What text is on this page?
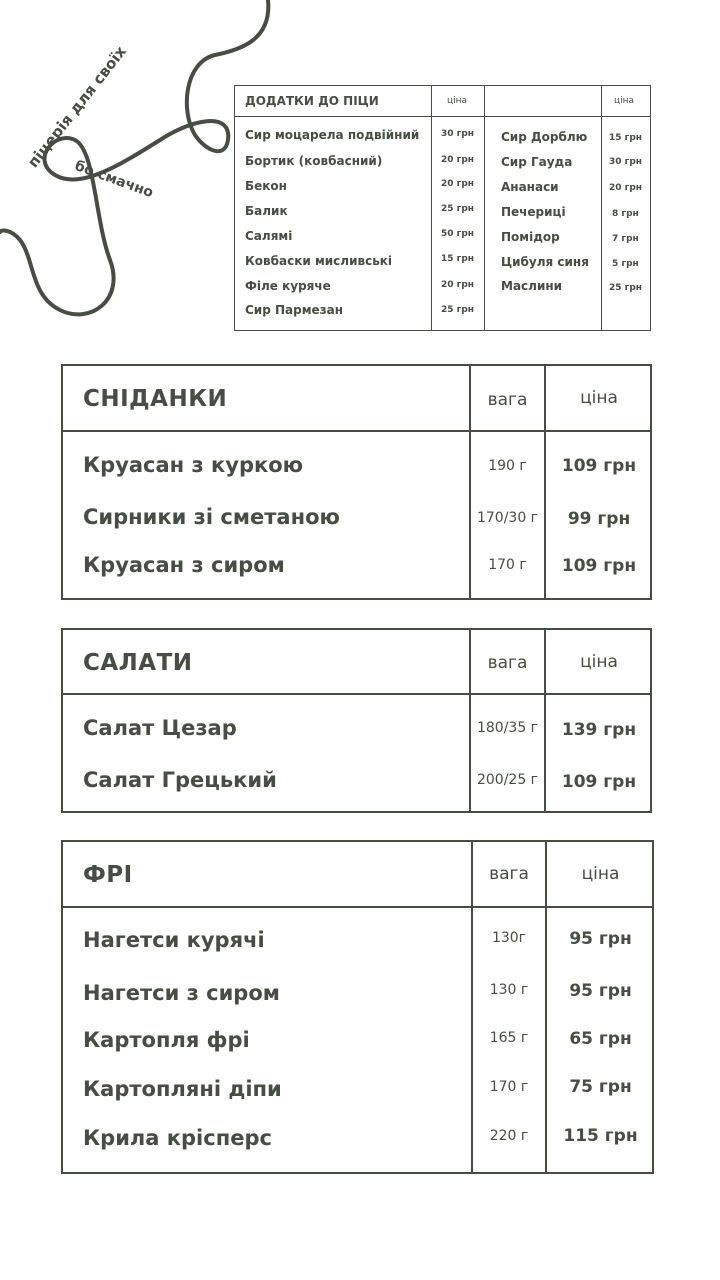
піцерія для своїх
бо смачно
ДОДАТКИ ДО ПІЦИ	ціна	ціна
Сир моцарела подвійний 30 грн
Бортик (ковбасний)	20 грн
Бекон	20 грн
Балик	25 грн
Салямі	50 грн
Ковбаски мисливські	15 грн
Філе куряче	20 грн
Сир Пармезан	25 грн
Сир Дорблю 15 грн
Сир Гауда	30 грн
Ананаси	20 грн
Печериці	8 грн
Помідор	7 грн
Цибуля синя	5 грн
Маслини	25 грн
СНІДАНКИ	вага	ціна
Круасан з куркою	190 г	109 грн
Сирники зі сметаною	170/30 г	99 грн
Круасан з сиром	170 г	109 грн
САЛАТИ	вага	ціна
Салат Цезар	180/35 г	139 грн
Салат Грецький	200/25 г	109 грн
ФРІ	вага	ціна
Нагетси курячі	130г	95 грн
Нагетси з сиром	130 г	95 грн
Картопля фрі	165 г	65 грн
Картопляні діпи	170 г	75 грн
Крила крісперс	220 г	115 грн
